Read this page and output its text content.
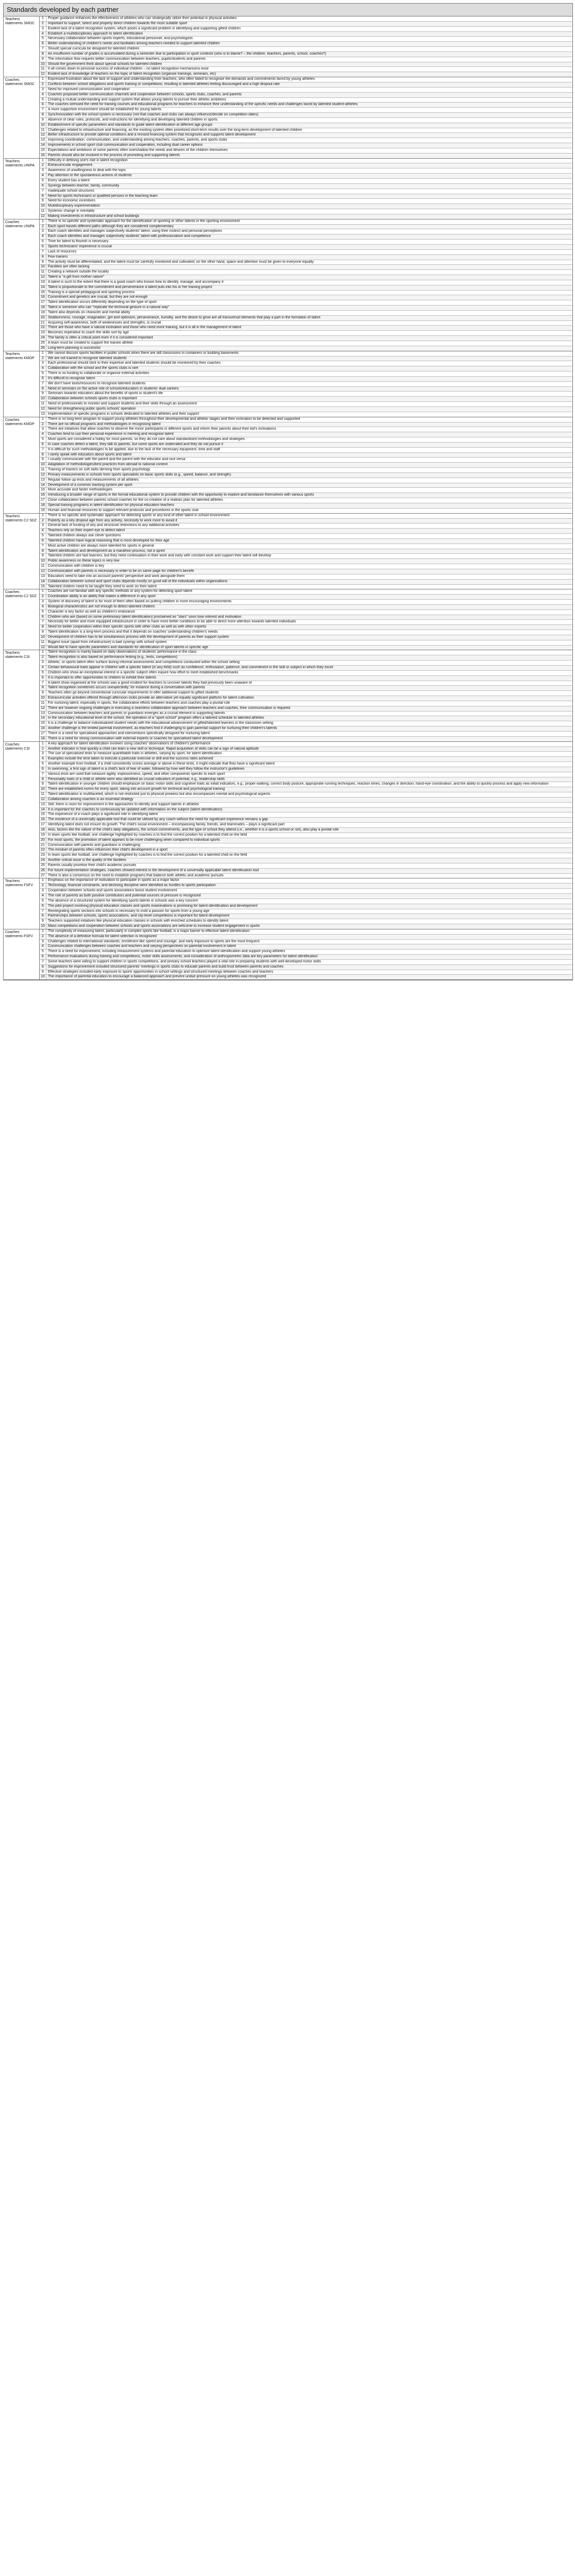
Standards developed by each partner
Teachers statements SMOC
1	Proper guidance enhances the effectiveness of athletes who can strategically utilize their potential in physical activities
2	Important to support, select and properly direct children towards the most suitable sport
3	Evident lack of a talent recognition system, which poses a significant problem in identifying and supporting gifted children
4	Establish a multidisciplinary approach to talent identification
5	Necessary collaboration between sports experts, educational personnel, and psychologists
6	Better understanding of children's needs and facilitates among teachers needed to support talented children
7	Should special curricula be designed for talented children
8	An insufficient number of grades is accumulated during a semester due to participation in sport contests (who is to blame? – the children, teachers, parents, school, coaches?)
9	The information flow requires better communication between teachers, pupils/students and parents
10 Should the government think about special schools for talented children
11 It all comes down to personal success of individual children – no talent recognition mechanisms exist
12 Evident lack of knowledge of teachers on the topic of talent recognition (organize trainings, seminars, etc)
Coaches statements SMOC
1	Expressed frustration about the lack of support and understanding from teachers, who often failed to recognize the demands and commitments faced by young athletes
2	Conflicts between school obligations and sports training or competitions, resulting in talented athletes feeling discouraged and a high dropout rate
3	Need for improved communication and cooperation
4	Coaches proposed better communication channels and cooperation between schools, sports clubs, coaches, and parents
5	Creating a mutual understanding and support system that allows young talents to pursue their athletic ambitions
6	The coaches stressed the need for training courses and educational programs for teachers to enhance their understanding of the specific needs and challenges faced by talented student-athletes
7	A more supportive environment should be established for young talents
8	Synchronization with the school system is necessary (not that coaches and clubs can always influence/decide on competition dates)
9	Absence of clear rules, protocols, and instructions for identifying and developing talented children in sports
10 Establishment of specific parameters and standards to guide talent identification at different age groups
11 Challenges related to infrastructure and financing, as the existing system often prioritized short-term results over the long-term development of talented children
12 Better infrastructure to provide optimal conditions and a revised financing system that recognizes and supports talent development
13 Improving coordination, communication, and understanding among teachers, coaches, parents, and sports clubs
14 Improvements in school sport club communication and cooperation, including dual career options
15 Expectations and ambitions of some parents often overshadow the needs and desires of the children themselves
16 Parents should also be involved in the process of promoting and supporting talents
Teachers statements UNIPA
1	Difficulty in defining one's role in talent recognition
2	Extracurricular engagement
3	Awareness of unwillingness to deal with the topic
4	Pay attention to the spontaneous actions of students
5	Every student has a talent
6	Synergy between teacher, family, community
7	Inadequate school structures
8	Need for sports technicians or qualified persons in the teaching team
9	Need for economic incentives
10 Multidisciplinary experimentation
11 Systemic change in mentality
12 Making investments in infrastructure and school buildings
Coaches statements UNIPA
1	There is no specific and systematic approach for the identification of sporting or other talents in the sporting environment
2	Each sport travels different paths although they are considered complementary
3	Each coach identifies and manages subjectively students' talent, using their instinct and personal perceptions
4	Each coach identifies and manages subjectively students' talent with professionalism and competence
5	Time for talent to flourish is necessary
6	Sports technicians' experience is crucial
7	Lack of resources
8	Few trainers
9	The activity must be differentiated, and the talent must be carefully monitored and cultivated; on the other hand, space and attention must be given to everyone equally
10 Facilities are often lacking
11 Creating a network outside the locality
12 Talent is "a gift from mother nature"
13 A talent is such to the extent that there is a good coach who knows how to identify, manage, and accompany it
14 Talent is proportionate to the commitment and perseverance a talent puts into his or her training project
15 Training is a special pedagogical and sporting process
16 Commitment and genetics are crucial, but they are not enough
17 Talent identification occurs differently depending on the type of sport
18 Talent is someone who can "replicate the technical gesture in a natural way"
19 Talent also depends on character and mental ability
20 Stubbornness, courage, imagination, grit and optimism, perseverance, humility, and the desire to grow are all transversal elements that play a part in the formation of talent
21 Acquiring self-awareness, both of weaknesses and strengths, is crucial
22 There are those who have a natural inclination and those who need more training, but it is all in the management of talent
23 Becomes imperative to coach the skills sort by age
24 The family is often a critical point even if it is considered important
25 A team must be created to support the trainee athlete
26 Long-term planning is successful
Teachers statements KMOP
1	We cannot discuss sports facilities in public schools when there are still classrooms in containers or building basements
2	We are not trained to recognise talented students
3	Each professional should stick to their expertise and talented students should be monitored by their coaches
4	Collaboration with the school and the sports clubs is rare
5	There is no funding to collaborate or organise external activities
6	It's difficult to recognise talent
7	We don't have tools/resources to recognise talented students
8	Need of seminars on the active role of schools/educators in students' dual careers
9	Seminars towards educators about the benefits of sports in student's life
10 Collaboration between schools sports clubs is important
11 Need of professionals to monitor and support students and their skills through an assessment
12 Need for strengthening public sports schools' operation
13 Implementation of specific programs in schools dedicated to talented athletes and their support
Coaches statements KMOP
1	There is no long-term program to support young athletes throughout their developmental and athletic stages and their inclination to be detected and supported
2	There are no official programs and methodologies in recognising talent
3	There are initiatives that allow coaches to observe the minor participants in different sports and inform their parents about their kid's inclinations
4	Coaches tend to use their personal experience in meeting and recognise talent
5	Most sports are considered a hobby for most parents, so they do not care about standardised methodologies and strategies
6	In case coaches detect a talent, they talk to parents, but some sports are underrated and they do not pursue it
7	It is difficult for such methodologies to be applied, due to the lack of the necessary equipment, time and staff
8	I rarely speak with educators about sports and talent
9	I usually communicate with the parent and the parent with the educator and vice versa
10 Adaptation of methodologies/best practices from abroad to national context
11 Training of trainers on soft skills deriving from sports psychology
12 Primary measurements in schools from sports specialists on basic sports skills (e.g., speed, balance, and strength)
13 Regular follow up tests and measurements of all athletes
14 Development of a common tracking system per sport
15 More accurate and faster methodologies
16 Introducing a broader range of sports in the formal educational system to provide children with the opportunity to explore and familiarize themselves with various sports
17 Close collaboration between parents school coaches for the co-creation of a realistic plan for talented athletes
18 Special training programs in talent identification for physical education teachers
19 Human and financial resources to support relevant protocols and procedures in the sports club
Teachers statements C2 SDZ
1	There is no specific and systematic approach for detecting sports or any kind of other talent in school environment
2	Puberty as a key dropout age from any activity, necessity to work more to avoid it
3	General lack of funding of any and structural restrictions to any additional activities
4	Teachers rely on their expert eye to detect talent
5	Talented children always ask clever questions
6	Talented children have logical reasoning that is most developed for their age
7	Most active children are always more talented for sports in general
8	Talent identification and development as a marathon process, not a sprint
9	Talented children are fast learners, but they need continuation in their work and early with constant work and support their talent will develop
10 Public awareness on these topics is very low
11 Communication with children is key
12 Communication with parents is necessary in order to be on same page for children's benefit
13 Educators need to take into an account parents' perspective and work alongside them
14 Collaboration between school and sport clubs depends mostly on good will of the individuals within organisations
15 Talented children need to be taught they need to work on their talent
Coaches statements C2 SDZ
1	Coaches are not familiar with any specific methods or any system for detecting sport talent
2	Coordination ability is an ability that makes a difference in any sport
3	System of discovery of talent is for most of them often based on putting children in more encouraging environments
4	Biological characteristics are not enough to detect talented children
5	Character is key factor as well as children's endurance
6	Children who are (based on some preliminary talent identification) proclaimed as "stars" soon lose interest and motivation
7	Necessity for better and more equipped infrastructure in order to have more better conditions to be able to direct more attention towards talented individuals
8	Need for better cooperation within their specific sports with other clubs as well as with other experts
9	Talent identification is a long-term process and that it depends on coaches' understanding children's needs
10 Development of children has to be simultaneous process with the development of parents as their support system
11 Biggest issue (apart from infrastructure) is bad synergy with school system
12 Would like to have specific parameters and standards for identification of sport talents in specific age
Teachers statements CSI
1	Talent recognition is mainly based on daily observations of students' performance in the class
2	Talent recognition is also based on performance testing (e.g., tests, competitions)
3	Athletic, or sports talent often surface during informal assessments and competitions conducted within the school setting
4	Certain behavioural traits appear in children with a specific talent (in any field) such as confidence, enthusiasm, patience, and commitment in the skill or subject in which they excel
5	Children who show an exceptional interest in a specific subject often inquire how effort to meet established benchmarks
6	It is important to offer opportunities to children to exhibit their talents
7	A talent show organised at the schools was a good incident for teachers to uncover talents they had previously been unaware of
8	Talent recognition sometimes occurs unexpectedly; for instance during a conversation with parents
9	Teachers often go beyond conventional curricular requirements to offer additional support to gifted students
10 Extracurricular activities offered through afternoon clubs provide an alternative yet equally significant platform for talent cultivation
11 For nurturing talent, especially in sports, the collaborative efforts between teachers and coaches play a pivotal role
12 There are however ongoing challenges in executing a seamless collaborative approach between teachers and coaches, their communication is required
13 Communication between teachers and parents or guardians emerges as a crucial element in supporting talents
14 In the secondary educational level of the school, the operation of a "sport school" program offers a tailored schedule to talented athletes
15 It is a challenge to balance individualized student needs with the educational advancement of gifted/talented learners in the classroom setting
16 Another challenge is the limited parental involvement, as teachers find it challenging to gain parental support for nurturing their children's talents
17 There is a need for specialised approaches and interventions specifically designed for nurturing talent
18 There is a need for strong communication with external experts or coaches for specialised talent development
Coaches statements CSI
1	A key approach for talent identification involves using coaches' observations of children's performance
2	Another indicator is how quickly a child can learn a new skill or technique. Rapid acquisition of skills can be a sign of natural aptitude
3	The use of specialised tests to measure quantifiable traits in athletes, varying by sport, for talent identification
4	Examples include the time taken to execute a particular exercise or drill and the success rates achieved
5	Another example from football, if a child consistently scores average or above in these tests, it might indicate that they have a significant talent
6	In swimming, a first sign of talent is a child's lack of fear of water, followed by how well they follow the instructor's guidelines
7	Various tests are used that measure agility, explosiveness, speed, and other components specific to each sport
8	Personality traits of a child or athlete were also identified as crucial indicators of potential, e.g., leadership skills
9	Talent identification in younger children should emphasize on basic motor skills and cognitive traits as initial indicators, e.g., proper walking, correct body posture, appropriate running techniques, reaction times, changes in direction, hand-eye coordination, and the ability to quickly process and apply new information
10 There are established norms for every sport, taking into account growth for technical and psychological training
11 Talent identification is multifaceted, which is not restricted just to physical prowess but also encompasses mental and psychological aspects
12 Collaboration among coaches is an essential strategy
13 Still, there is room for improvement in the approaches to identify and support talents in athletes
14 It is important for the coaches to continuously be updated with information on the subject (talent identification)
15 The experience of a coach plays a significant role in identifying talent
16 The existence of a universally applicable tool that could be utilised by any coach without the need for significant experience remains a gap
17 Identifying talent does not ensure its growth. The child's social environment – encompassing family, friends, and teammates – plays a significant part
18 Also, factors like the nature of the child's daily obligations, the school commitments, and the type of school they attend (i.e., whether it is a sports school or not), also play a pivotal role
19 In team sports like football, one challenge highlighted by coaches is to find the correct position for a talented child on the field
20 For most sports, the promotion of talent appears to be more challenging when compared to individual sports
21 Communication with parents and guardians is challenging
22 The mindset of parents often influences their child's development in a sport
23 In team sports like football, one challenge highlighted by coaches is to find the correct position for a talented child on the field
24 Another critical issue is the quality of the facilities
25 Parents usually prioritise their child's academic pursuits
26 For future implementation strategies, coaches showed interest in the development of a universally applicable talent identification tool
27 There is also a consensus on the need to establish programs that balance both athletic and academic pursuits
Teachers statements FSFV
1	Emphasis on the importance of motivation to participate in sports as a major factor
2	Technology, financial constraints, and declining discipline were identified as hurdles to sports participation
3	Cooperation between schools and sports associations boost student involvement
4	The role of parents as both positive contributors and potential sources of pressure is recognized
5	The absence of a structured system for identifying sports talents in schools was a key concern
6	The pilot project involving physical education classes and sports examinations is promising for talent identification and development
7	Reintegrating sports sections into schools is necessary to instil a passion for sports from a young age
8	Partnerships between schools, sports associations, and city-level competitions is important for talent development
9	Teachers supported initiatives like physical education classes in schools with enriched schedules to identify talent
10 Mass competitions and cooperation between schools and sports associations are welcome to increase student engagement in sports
Coaches statements FSFV
1	The complexity of measuring talent, particularly in complex sports like football, is a major barrier to effective talent identification
2	The absence of a definitive formula for talent selection is recognized
3	Challenges related to international standards, enrollment like speed and courage, and early exposure to sports are the most frequent
4	Communication challenges between coaches and teachers and varying perspectives on parental involvement in talent
5	There is a need for improvement, including measurement systems and parental education to optimize talent identification and support young athletes
6	Performance evaluations during training and competitions, motor skills assessments, and consideration of anthropometric data are key parameters for talent identification
7	Some teachers were willing to support children in sports competitions, and primary school teachers played a vital role in preparing students with well-developed motor skills
8	Suggestions for improvement included structured parents' meetings in sports clubs to educate parents and build trust between parents and coaches
9	Effective strategies included early exposure to sports opportunities in school settings and structured meetings between coaches and teachers
10 The importance of parental education to encourage a balanced approach and prevent undue pressure on young athletes was recognized
